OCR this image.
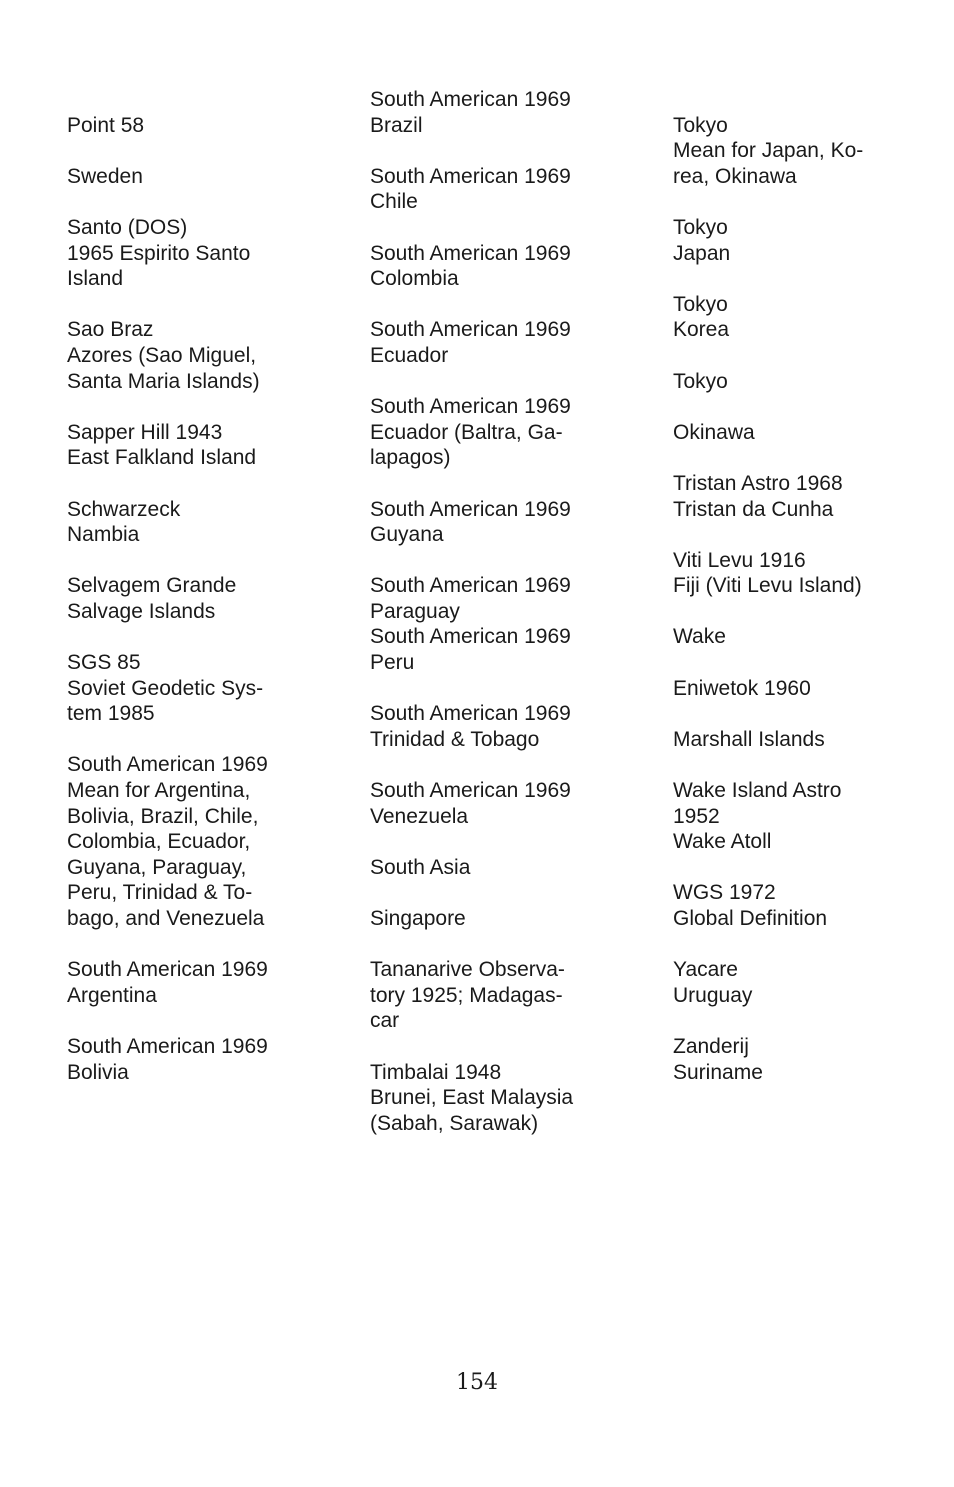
Point 58
Sweden
Santo (DOS)
1965 Espirito Santo
Island
Sao Braz
Azores (Sao Miguel,
Santa Maria Islands)
Sapper Hill 1943
East Falkland Island
Schwarzeck
Nambia
Selvagem Grande
Salvage Islands
SGS 85
Soviet Geodetic Sys-
tem 1985
South American 1969
Mean for Argentina,
Bolivia, Brazil, Chile,
Colombia, Ecuador,
Guyana, Paraguay,
Peru, Trinidad & To-
bago, and Venezuela
South American 1969
Argentina
South American 1969
Bolivia
South American 1969
Brazil
South American 1969
Chile
South American 1969
Colombia
South American 1969
Ecuador
South American 1969
Ecuador (Baltra, Ga-
lapagos)
South American 1969
Guyana
South American 1969
Paraguay
South American 1969
Peru
South American 1969
Trinidad & Tobago
South American 1969
Venezuela
South Asia
Singapore
Tananarive Observa-
tory 1925; Madagas-
car
Timbalai 1948
Brunei, East Malaysia
(Sabah, Sarawak)
Tokyo
Mean for Japan, Ko-
rea, Okinawa
Tokyo
Japan
Tokyo
Korea
Tokyo
Okinawa
Tristan Astro 1968
Tristan da Cunha
Viti Levu 1916
Fiji (Viti Levu Island)
Wake
Eniwetok 1960
Marshall Islands
Wake Island Astro
1952
Wake Atoll
WGS 1972
Global Definition
Yacare
Uruguay
Zanderij
Suriname
154
